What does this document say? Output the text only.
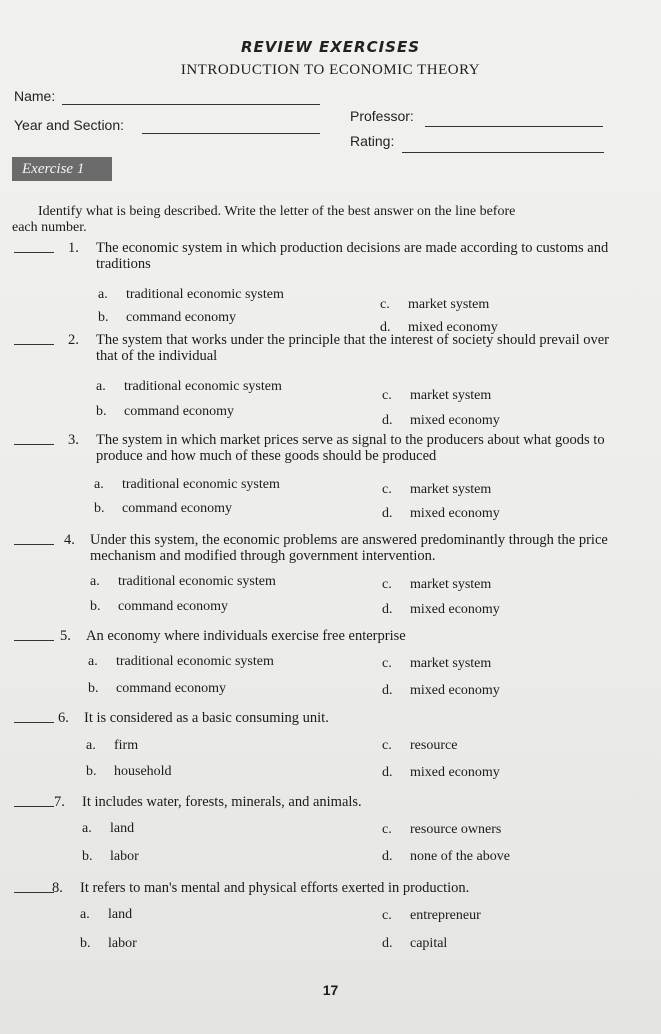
REVIEW EXERCISES
INTRODUCTION TO ECONOMIC THEORY
Name:
Year and Section:
Professor:
Rating:
Exercise 1
Identify what is being described. Write the letter of the best answer on the line before
each number.
1. The economic system in which production decisions are made according to customs and traditions
a. traditional economic system
b. command economy
c. market system
d. mixed economy
2. The system that works under the principle that the interest of society should prevail over that of the individual
a. traditional economic system
b. command economy
c. market system
d. mixed economy
3. The system in which market prices serve as signal to the producers about what goods to produce and how much of these goods should be produced
a. traditional economic system
b. command economy
c. market system
d. mixed economy
4. Under this system, the economic problems are answered predominantly through the price mechanism and modified through government intervention.
a. traditional economic system
b. command economy
c. market system
d. mixed economy
5. An economy where individuals exercise free enterprise
a. traditional economic system
b. command economy
c. market system
d. mixed economy
6. It is considered as a basic consuming unit.
a. firm
b. household
c. resource
d. mixed economy
7. It includes water, forests, minerals, and animals.
a. land
b. labor
c. resource owners
d. none of the above
8. It refers to man's mental and physical efforts exerted in production.
a. land
b. labor
c. entrepreneur
d. capital
17
